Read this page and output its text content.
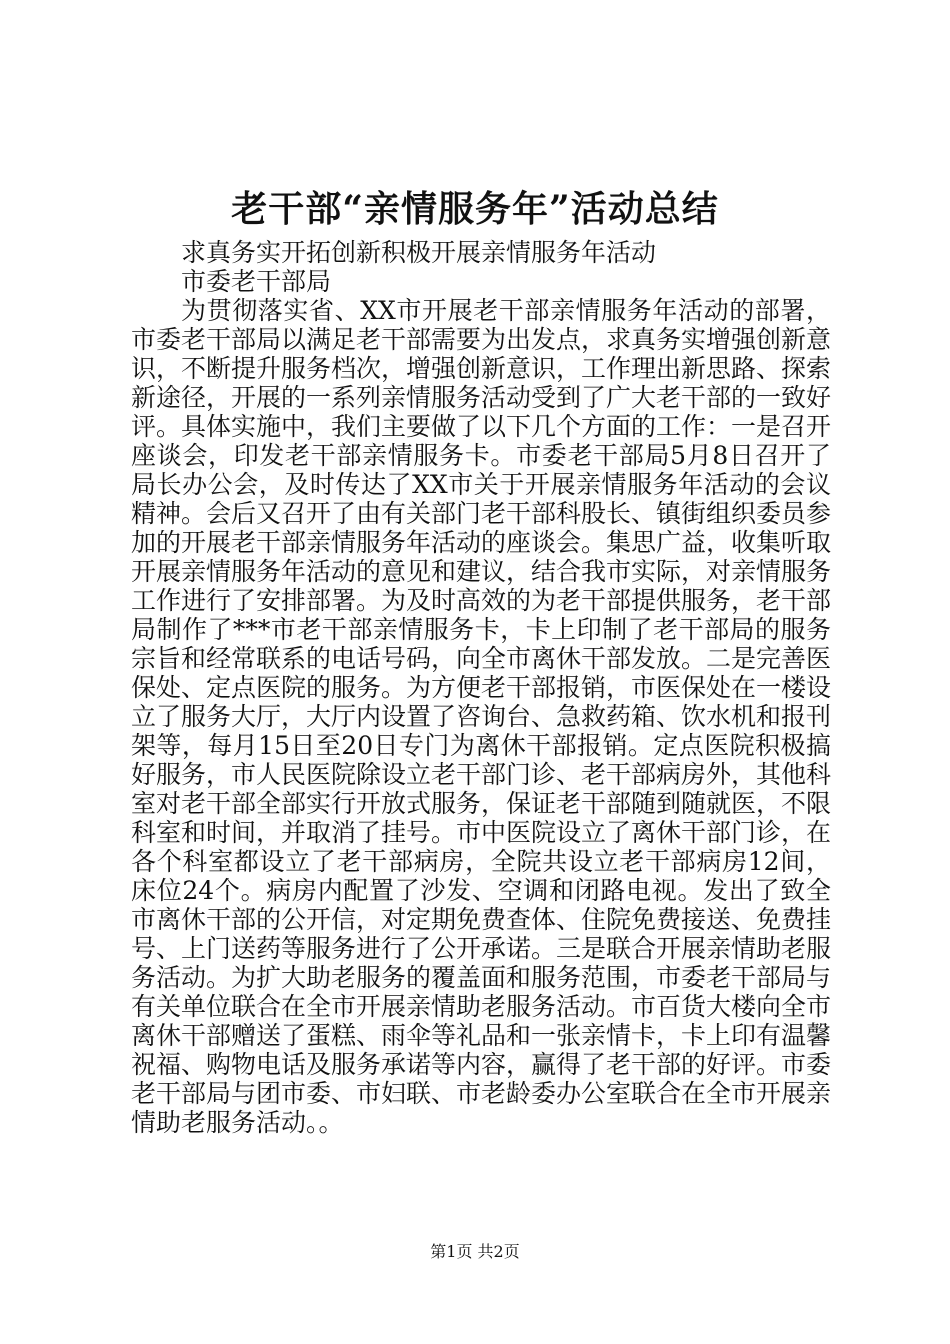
老干部“亲情服务年”活动总结

求真务实开拓创新积极开展亲情服务年活动

市委老干部局

为贯彻落实省、XX市开展老干部亲情服务年活动的部署，市委老干部局以满足老干部需要为出发点，求真务实增强创新意识，不断提升服务档次，增强创新意识，工作理出新思路、探索新途径，开展的一系列亲情服务活动受到了广大老干部的一致好评。具体实施中，我们主要做了以下几个方面的工作：一是召开座谈会，印发老干部亲情服务卡。市委老干部局5月8日召开了局长办公会，及时传达了XX市关于开展亲情服务年活动的会议精神。会后又召开了由有关部门老干部科股长、镇街组织委员参加的开展老干部亲情服务年活动的座谈会。集思广益，收集听取开展亲情服务年活动的意见和建议，结合我市实际，对亲情服务工作进行了安排部署。为及时高效的为老干部提供服务，老干部局制作了***市老干部亲情服务卡，卡上印制了老干部局的服务宗旨和经常联系的电话号码，向全市离休干部发放。二是完善医保处、定点医院的服务。为方便老干部报销，市医保处在一楼设立了服务大厅，大厅内设置了咨询台、急救药箱、饮水机和报刊架等，每月15日至20日专门为离休干部报销。定点医院积极搞好服务，市人民医院除设立老干部门诊、老干部病房外，其他科室对老干部全部实行开放式服务，保证老干部随到随就医，不限科室和时间，并取消了挂号。市中医院设立了离休干部门诊，在各个科室都设立了老干部病房，全院共设立老干部病房12间，床位24个。病房内配置了沙发、空调和闭路电视。发出了致全市离休干部的公开信，对定期免费查体、住院免费接送、免费挂号、上门送药等服务进行了公开承诺。三是联合开展亲情助老服务活动。为扩大助老服务的覆盖面和服务范围，市委老干部局与有关单位联合在全市开展亲情助老服务活动。市百货大楼向全市离休干部赠送了蛋糕、雨伞等礼品和一张亲情卡，卡上印有温馨祝福、购物电话及服务承诺等内容，赢得了老干部的好评。市委老干部局与团市委、市妇联、市老龄委办公室联合在全市开展亲情助老服务活动。。

第1页 共2页
